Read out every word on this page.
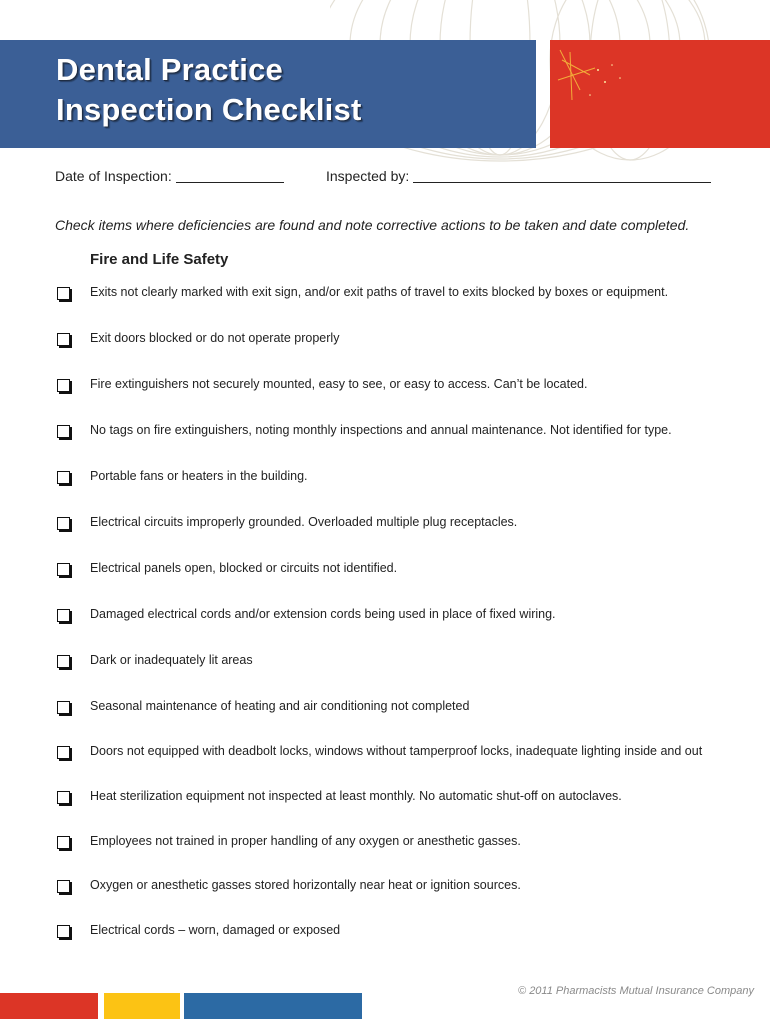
Dental Practice
Inspection Checklist
Date of Inspection:	Inspected by:
Check items where deficiencies are found and note corrective actions to be taken and date completed.
Fire and Life Safety
Exits not clearly marked with exit sign, and/or exit paths of travel to exits blocked by boxes or equipment.
Exit doors blocked or do not operate properly
Fire extinguishers not securely mounted, easy to see, or easy to access. Can’t be located.
No tags on fire extinguishers, noting monthly inspections and annual maintenance. Not identified for type.
Portable fans or heaters in the building.
Electrical circuits improperly grounded. Overloaded multiple plug receptacles.
Electrical panels open, blocked or circuits not identified.
Damaged electrical cords and/or extension cords being used in place of fixed wiring.
Dark or inadequately lit areas
Seasonal maintenance of heating and air conditioning not completed
Doors not equipped with deadbolt locks, windows without tamperproof locks, inadequate lighting inside and out
Heat sterilization equipment not inspected at least monthly. No automatic shut-off on autoclaves.
Employees not trained in proper handling of any oxygen or anesthetic gasses.
Oxygen or anesthetic gasses stored horizontally near heat or ignition sources.
Electrical cords – worn, damaged or exposed
© 2011 Pharmacists Mutual Insurance Company
